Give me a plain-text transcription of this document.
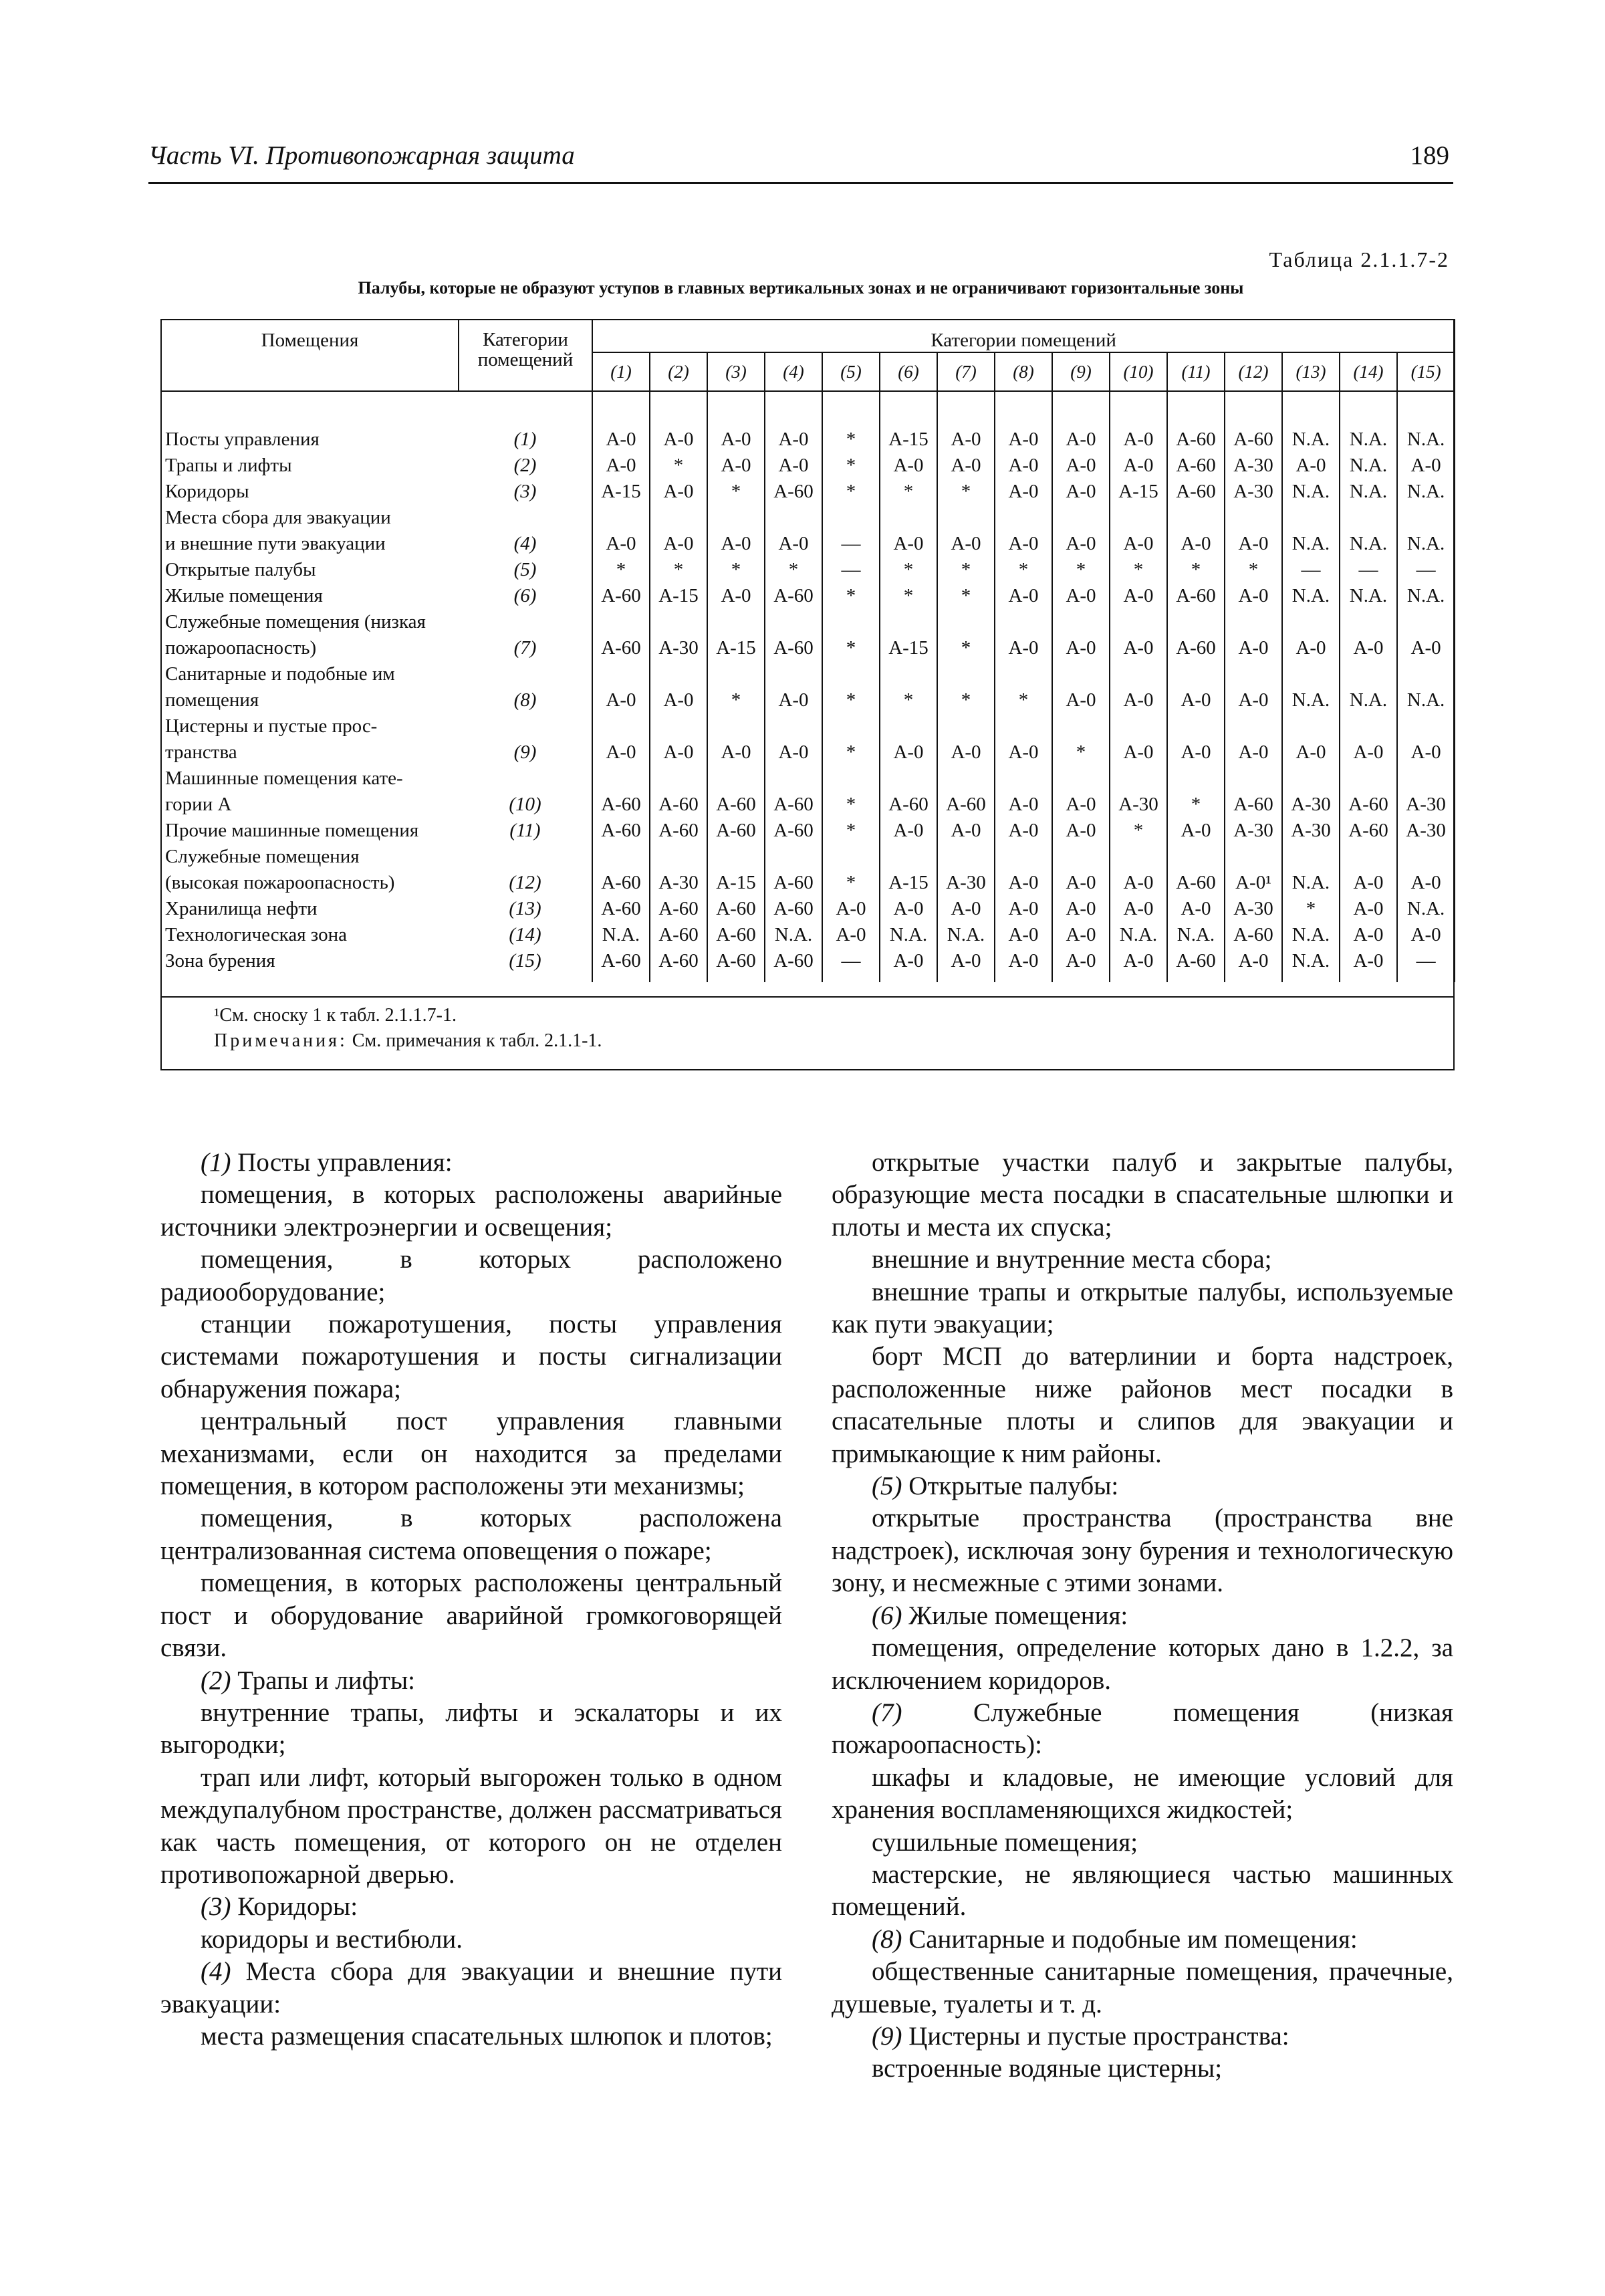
Часть VI. Противопожарная защита	189
Таблица 2.1.1.7-2
Палубы, которые не образуют уступов в главных вертикальных зонах и не ограничивают горизонтальные зоны
Помещения	Категории помещений	Категории помещений														
		(1)	(2)	(3)	(4)	(5)	(6)	(7)	(8)	(9)	(10)	(11)	(12)	(13)	(14)	(15)

Посты управления	(1)	A-0	A-0	A-0	A-0	*	A-15	A-0	A-0	A-0	A-0	A-60	A-60	N.A.	N.A.	N.A.

Трапы и лифты	(2)	A-0	*	A-0	A-0	*	A-0	A-0	A-0	A-0	A-0	A-60	A-30	A-0	N.A.	A-0

Коридоры	(3)	A-15	A-0	*	A-60	*	*	*	A-0	A-0	A-15	A-60	A-30	N.A.	N.A.	N.A.

Места сбора для эвакуации
и внешние пути эвакуации	(4)	A-0	A-0	A-0	A-0	—	A-0	A-0	A-0	A-0	A-0	A-0	A-0	N.A.	N.A.	N.A.

Открытые палубы	(5)	*	*	*	*	—	*	*	*	*	*	*	*	—	—	—

Жилые помещения	(6)	A-60	A-15	A-0	A-60	*	*	*	A-0	A-0	A-0	A-60	A-0	N.A.	N.A.	N.A.

Служебные помещения (низкая
пожароопасность)	(7)	A-60	A-30	A-15	A-60	*	A-15	*	A-0	A-0	A-0	A-60	A-0	A-0	A-0	A-0

Санитарные и подобные им
помещения	(8)	A-0	A-0	*	A-0	*	*	*	*	A-0	A-0	A-0	A-0	N.A.	N.A.	N.A.

Цистерны и пустые прос-
транства	(9)	A-0	A-0	A-0	A-0	*	A-0	A-0	A-0	*	A-0	A-0	A-0	A-0	A-0	A-0

Машинные помещения кате-
гории А	(10)	A-60	A-60	A-60	A-60	*	A-60	A-60	A-0	A-0	A-30	*	A-60	A-30	A-60	A-30

Прочие машинные помещения	(11)	A-60	A-60	A-60	A-60	*	A-0	A-0	A-0	A-0	*	A-0	A-30	A-30	A-60	A-30

Служебные помещения
(высокая пожароопасность)	(12)	A-60	A-30	A-15	A-60	*	A-15	A-30	A-0	A-0	A-0	A-60	A-0¹	N.A.	A-0	A-0

Хранилища нефти	(13)	A-60	A-60	A-60	A-60	A-0	A-0	A-0	A-0	A-0	A-0	A-0	A-30	*	A-0	N.A.

Технологическая зона	(14)	N.A.	A-60	A-60	N.A.	A-0	N.A.	N.A.	A-0	A-0	N.A.	N.A.	A-60	N.A.	A-0	A-0

Зона бурения	(15)	A-60	A-60	A-60	A-60	—	A-0	A-0	A-0	A-0	A-0	A-60	A-0	N.A.	A-0	—
¹См. сноску 1 к табл. 2.1.1.7-1.
Примечания: См. примечания к табл. 2.1.1-1.

(1) Посты управления:

помещения, в которых расположены аварийные источники электроэнергии и освещения;

помещения, в которых расположено радиооборудование;

станции пожаротушения, посты управления системами пожаротушения и посты сигнализации обнаружения пожара;

центральный пост управления главными механизмами, если он находится за пределами помещения, в котором расположены эти механизмы;

помещения, в которых расположена централизованная система оповещения о пожаре;

помещения, в которых расположены центральный пост и оборудование аварийной громкоговорящей связи.

(2) Трапы и лифты:

внутренние трапы, лифты и эскалаторы и их выгородки;

трап или лифт, который выгорожен только в одном междупалубном пространстве, должен рассматриваться как часть помещения, от которого он не отделен противопожарной дверью.

(3) Коридоры:

коридоры и вестибюли.

(4) Места сбора для эвакуации и внешние пути эвакуации:

места размещения спасательных шлюпок и плотов;

открытые участки палуб и закрытые палубы, образующие места посадки в спасательные шлюпки и плоты и места их спуска;

внешние и внутренние места сбора;

внешние трапы и открытые палубы, используемые как пути эвакуации;

борт МСП до ватерлинии и борта надстроек, расположенные ниже районов мест посадки в спасательные плоты и слипов для эвакуации и примыкающие к ним районы.

(5) Открытые палубы:

открытые пространства (пространства вне надстроек), исключая зону бурения и технологическую зону, и несмежные с этими зонами.

(6) Жилые помещения:

помещения, определение которых дано в 1.2.2, за исключением коридоров.

(7) Служебные помещения (низкая пожароопасность):

шкафы и кладовые, не имеющие условий для хранения воспламеняющихся жидкостей;

сушильные помещения;

мастерские, не являющиеся частью машинных помещений.

(8) Санитарные и подобные им помещения:

общественные санитарные помещения, прачечные, душевые, туалеты и т. д.

(9) Цистерны и пустые пространства:

встроенные водяные цистерны;
